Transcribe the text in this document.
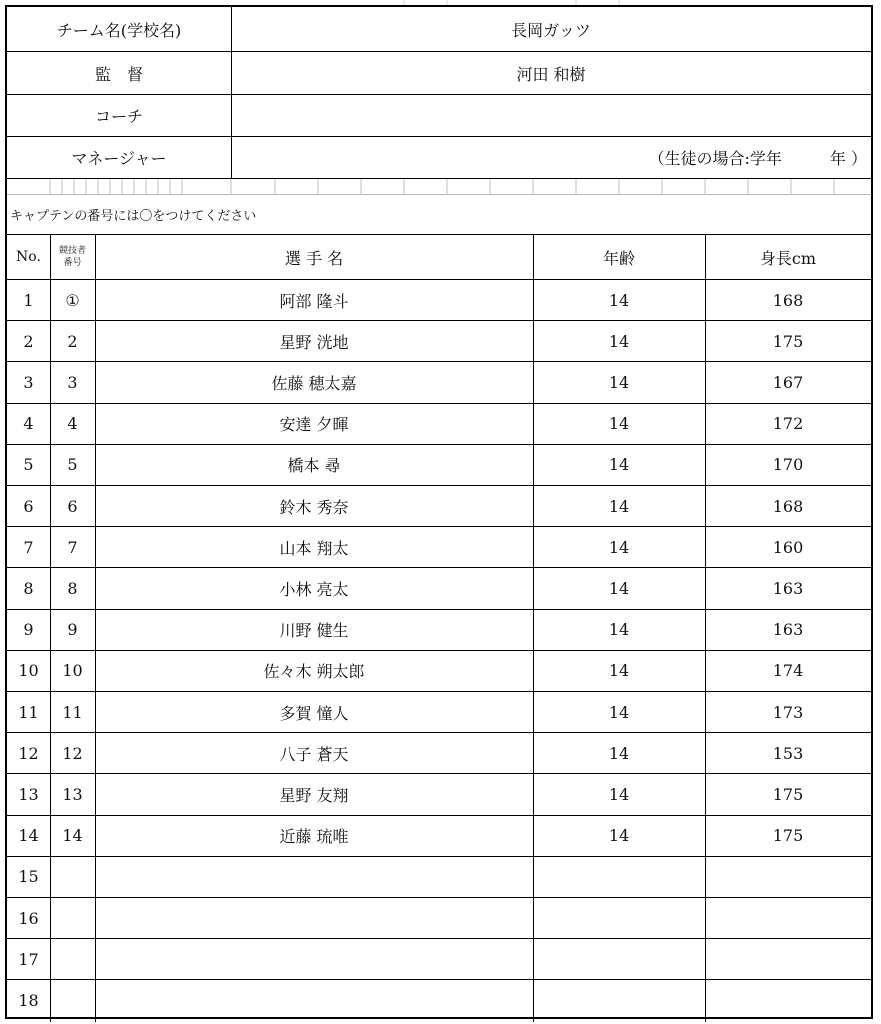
チーム名(学校名)	長岡ガッツ
監　督	河田 和樹
コーチ
マネージャー	（生徒の場合:学年　　　年 ）
キャプテンの番号には〇をつけてください
No.	競技者番号	選 手 名	年齢	身長cm
1	①	阿部 隆斗	14	168
2	2	星野 洸地	14	175
3	3	佐藤 穂太嘉	14	167
4	4	安達 夕暉	14	172
5	5	橋本 尋	14	170
6	6	鈴木 秀奈	14	168
7	7	山本 翔太	14	160
8	8	小林 亮太	14	163
9	9	川野 健生	14	163
10	10	佐々木 朔太郎	14	174
11	11	多賀 憧人	14	173
12	12	八子 蒼天	14	153
13	13	星野 友翔	14	175
14	14	近藤 琉唯	14	175
15
16
17
18
